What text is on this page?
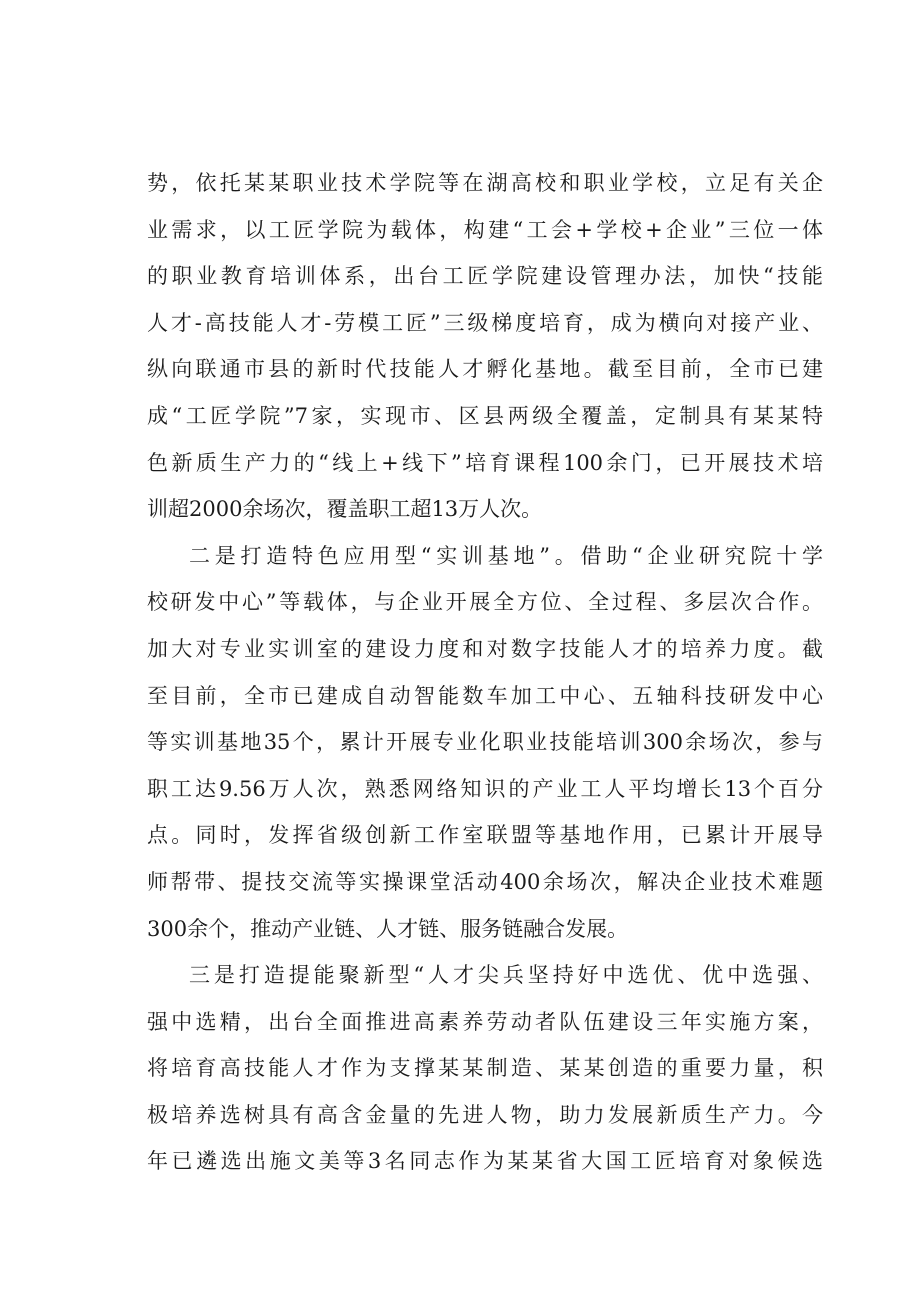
势，依托某某职业技术学院等在湖高校和职业学校，立足有关企
业需求，以工匠学院为载体，构建“工会+学校+企业”三位一体
的职业教育培训体系，出台工匠学院建设管理办法，加快“技能
人才-高技能人才-劳模工匠”三级梯度培育，成为横向对接产业、
纵向联通市县的新时代技能人才孵化基地。截至目前，全市已建
成“工匠学院”7家，实现市、区县两级全覆盖，定制具有某某特
色新质生产力的“线上+线下”培育课程100余门，已开展技术培
训超2000余场次，覆盖职工超13万人次。
二是打造特色应用型“实训基地”。借助“企业研究院十学
校研发中心”等载体，与企业开展全方位、全过程、多层次合作。
加大对专业实训室的建设力度和对数字技能人才的培养力度。截
至目前，全市已建成自动智能数车加工中心、五轴科技研发中心
等实训基地35个，累计开展专业化职业技能培训300余场次，参与
职工达9.56万人次，熟悉网络知识的产业工人平均增长13个百分
点。同时，发挥省级创新工作室联盟等基地作用，已累计开展导
师帮带、提技交流等实操课堂活动400余场次，解决企业技术难题
300余个，推动产业链、人才链、服务链融合发展。
三是打造提能聚新型“人才尖兵坚持好中选优、优中选强、
强中选精，出台全面推进高素养劳动者队伍建设三年实施方案，
将培育高技能人才作为支撑某某制造、某某创造的重要力量，积
极培养选树具有高含金量的先进人物，助力发展新质生产力。今
年已遴选出施文美等3名同志作为某某省大国工匠培育对象候选
